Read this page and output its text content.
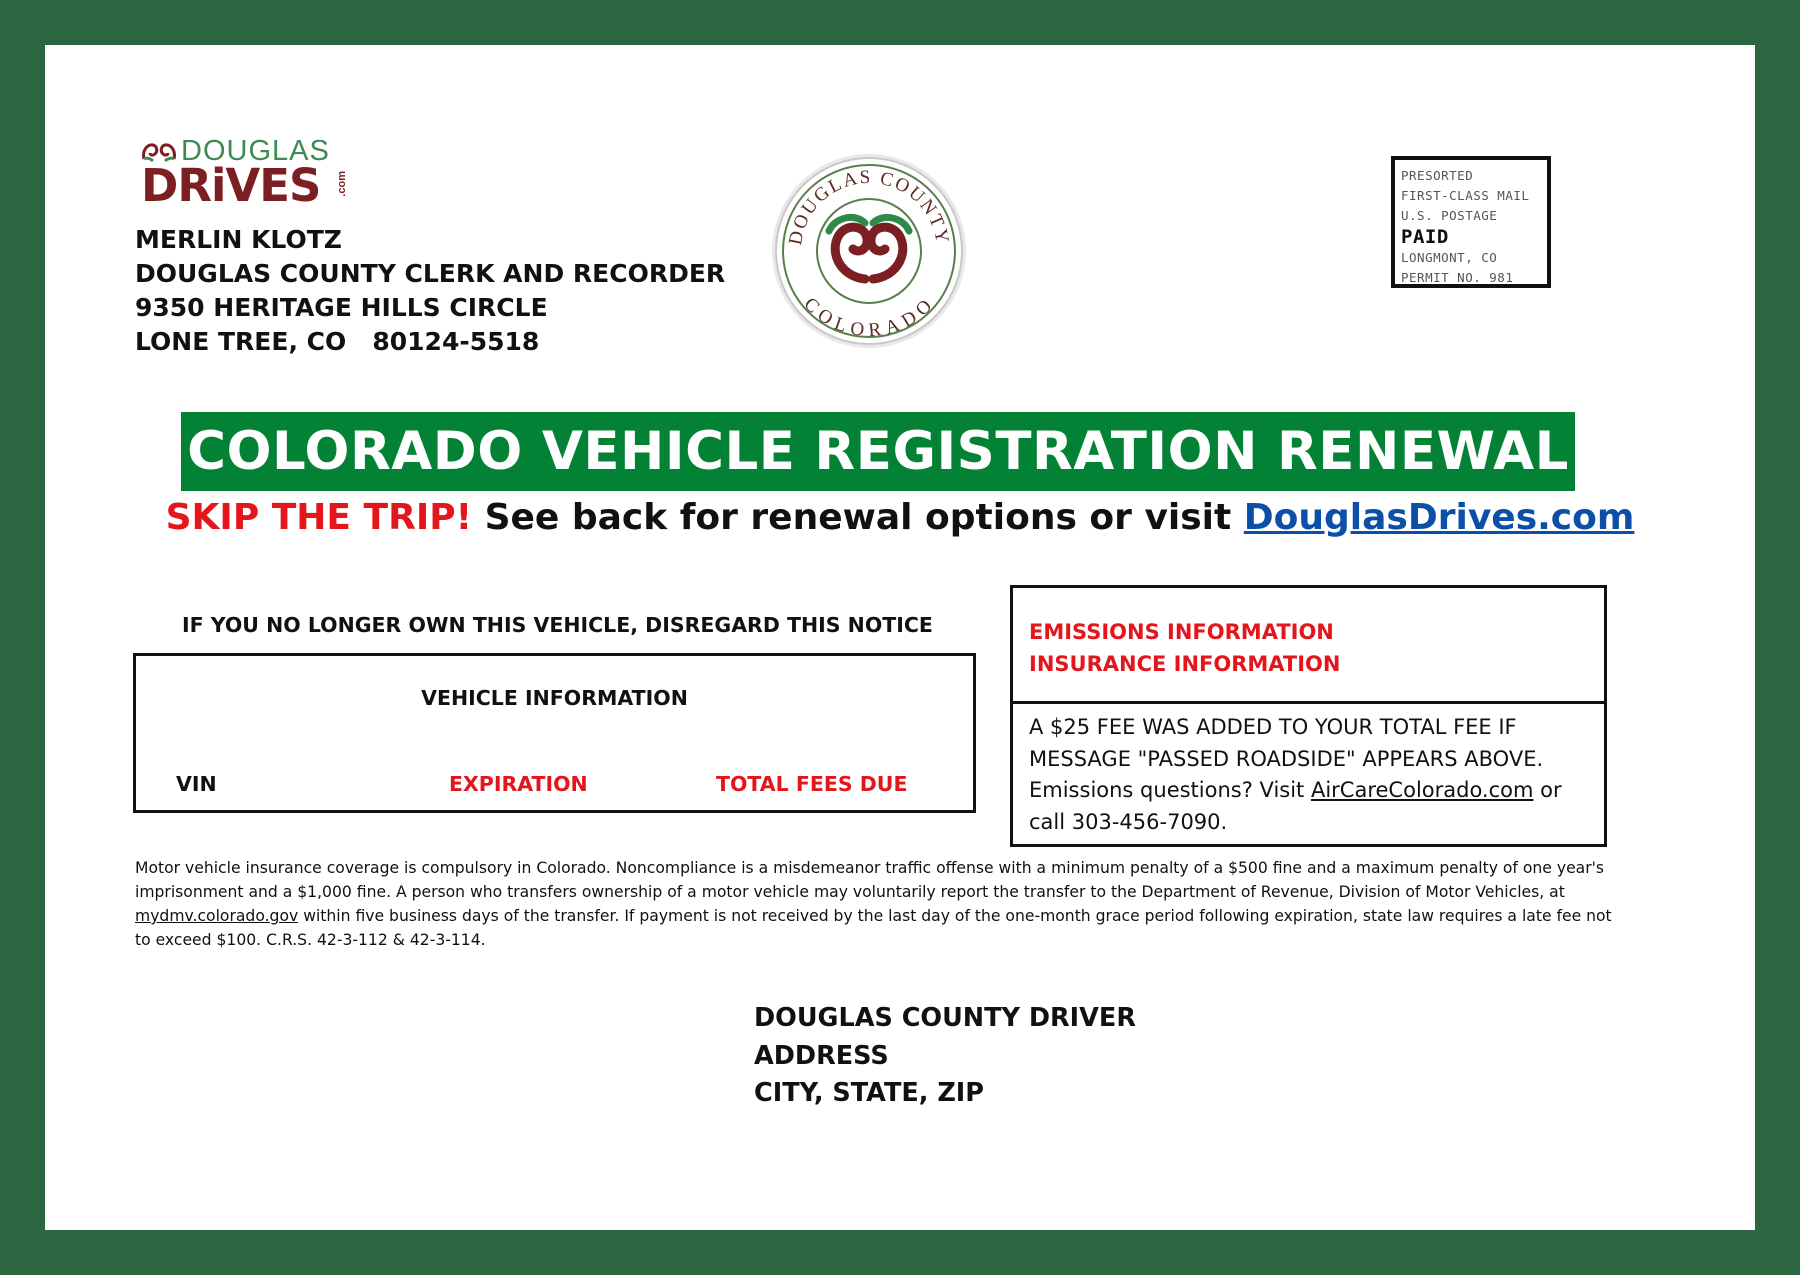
DOUGLAS
DRiVES .com
MERLIN KLOTZ
DOUGLAS COUNTY CLERK AND RECORDER
9350 HERITAGE HILLS CIRCLE
LONE TREE, CO   80124-5518
DOUGLAS COUNTY
COLORADO
PRESORTED
FIRST-CLASS MAIL
U.S. POSTAGE
PAID
LONGMONT, CO
PERMIT NO. 981
COLORADO VEHICLE REGISTRATION RENEWAL
SKIP THE TRIP! See back for renewal options or visit DouglasDrives.com
IF YOU NO LONGER OWN THIS VEHICLE, DISREGARD THIS NOTICE
VEHICLE INFORMATION
VIN	EXPIRATION	TOTAL FEES DUE
EMISSIONS INFORMATION
INSURANCE INFORMATION
A $25 FEE WAS ADDED TO YOUR TOTAL FEE IF
MESSAGE "PASSED ROADSIDE" APPEARS ABOVE.
Emissions questions? Visit AirCareColorado.com or
call 303-456-7090.
Motor vehicle insurance coverage is compulsory in Colorado. Noncompliance is a misdemeanor traffic offense with a minimum penalty of a $500 fine and a maximum penalty of one year's imprisonment and a $1,000 fine. A person who transfers ownership of a motor vehicle may voluntarily report the transfer to the Department of Revenue, Division of Motor Vehicles, at mydmv.colorado.gov within five business days of the transfer. If payment is not received by the last day of the one-month grace period following expiration, state law requires a late fee not to exceed $100. C.R.S. 42-3-112 & 42-3-114.
DOUGLAS COUNTY DRIVER
ADDRESS
CITY, STATE, ZIP
